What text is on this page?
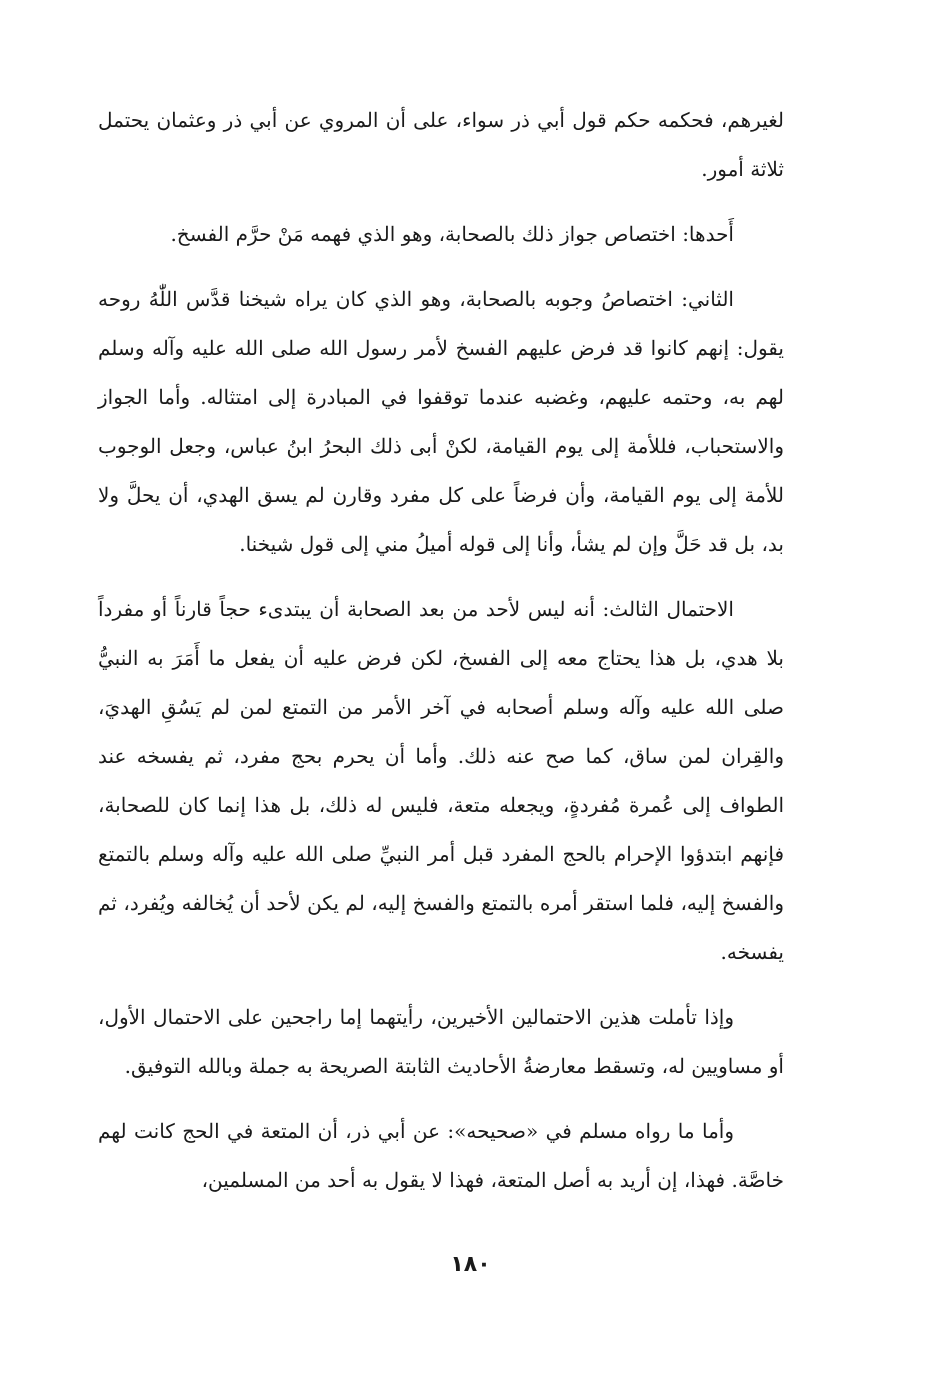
لغيرهم، فحكمه حكم قول أبي ذر سواء، على أن المروي عن أبي ذر وعثمان يحتمل ثلاثة أمور.

أَحدها: اختصاص جواز ذلك بالصحابة، وهو الذي فهمه مَنْ حرَّم الفسخ.

الثاني: اختصاصُ وجوبه بالصحابة، وهو الذي كان يراه شيخنا قدَّس اللّٰهُ روحه يقول: إنهم كانوا قد فرض عليهم الفسخ لأمر رسول الله صلى الله عليه وآله وسلم لهم به، وحتمه عليهم، وغضبه عندما توقفوا في المبادرة إلى امتثاله. وأما الجواز والاستحباب، فللأمة إلى يوم القيامة، لكنْ أبى ذلك البحرُ ابنُ عباس، وجعل الوجوب للأمة إلى يوم القيامة، وأن فرضاً على كل مفرد وقارن لم يسق الهدي، أن يحلَّ ولا بد، بل قد حَلَّ وإن لم يشأ، وأنا إلى قوله أميلُ مني إلى قول شيخنا.

الاحتمال الثالث: أنه ليس لأحد من بعد الصحابة أن يبتدىء حجاً قارناً أو مفرداً بلا هدي، بل هذا يحتاج معه إلى الفسخ، لكن فرض عليه أن يفعل ما أَمَرَ به النبيُّ صلى الله عليه وآله وسلم أصحابه في آخر الأمر من التمتع لمن لم يَسُقِ الهديَ، والقِران لمن ساق، كما صح عنه ذلك. وأما أن يحرم بحج مفرد، ثم يفسخه عند الطواف إلى عُمرة مُفردةٍ، ويجعله متعة، فليس له ذلك، بل هذا إنما كان للصحابة، فإنهم ابتدؤوا الإحرام بالحج المفرد قبل أمر النبيِّ صلى الله عليه وآله وسلم بالتمتع والفسخ إليه، فلما استقر أمره بالتمتع والفسخ إليه، لم يكن لأحد أن يُخالفه ويُفرد، ثم يفسخه.

وإذا تأملت هذين الاحتمالين الأخيرين، رأيتهما إما راجحين على الاحتمال الأول، أو مساويين له، وتسقط معارضةُ الأحاديث الثابتة الصريحة به جملة وبالله التوفيق.

وأما ما رواه مسلم في «صحيحه»: عن أبي ذر، أن المتعة في الحج كانت لهم خاصَّة. فهذا، إن أريد به أصل المتعة، فهذا لا يقول به أحد من المسلمين،

١٨٠
